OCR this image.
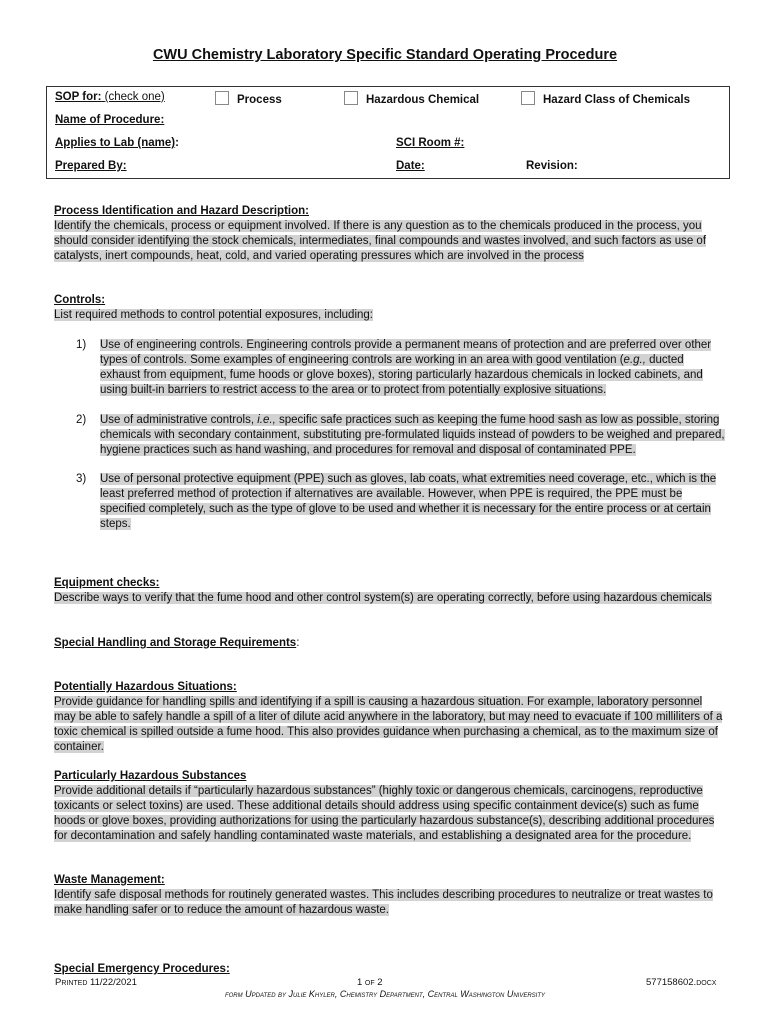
CWU Chemistry Laboratory Specific Standard Operating Procedure
SOP for: (check one)	Process	Hazardous Chemical	Hazard Class of Chemicals
Name of Procedure:
Applies to Lab (name):	SCI Room #:
Prepared By:	Date:	Revision:
Process Identification and Hazard Description:
Identify the chemicals, process or equipment involved. If there is any question as to the chemicals produced in the process, you should consider identifying the stock chemicals, intermediates, final compounds and wastes involved, and such factors as use of catalysts, inert compounds, heat, cold, and varied operating pressures which are involved in the process
Controls:
List required methods to control potential exposures, including:
1) Use of engineering controls. Engineering controls provide a permanent means of protection and are preferred over other types of controls. Some examples of engineering controls are working in an area with good ventilation (e.g., ducted exhaust from equipment, fume hoods or glove boxes), storing particularly hazardous chemicals in locked cabinets, and using built-in barriers to restrict access to the area or to protect from potentially explosive situations.
2) Use of administrative controls, i.e., specific safe practices such as keeping the fume hood sash as low as possible, storing chemicals with secondary containment, substituting pre-formulated liquids instead of powders to be weighed and prepared, hygiene practices such as hand washing, and procedures for removal and disposal of contaminated PPE.
3) Use of personal protective equipment (PPE) such as gloves, lab coats, what extremities need coverage, etc., which is the least preferred method of protection if alternatives are available. However, when PPE is required, the PPE must be specified completely, such as the type of glove to be used and whether it is necessary for the entire process or at certain steps.
Equipment checks:
Describe ways to verify that the fume hood and other control system(s) are operating correctly, before using hazardous chemicals
Special Handling and Storage Requirements:
Potentially Hazardous Situations:
Provide guidance for handling spills and identifying if a spill is causing a hazardous situation. For example, laboratory personnel may be able to safely handle a spill of a liter of dilute acid anywhere in the laboratory, but may need to evacuate if 100 milliliters of a toxic chemical is spilled outside a fume hood. This also provides guidance when purchasing a chemical, as to the maximum size of container.
Particularly Hazardous Substances
Provide additional details if “particularly hazardous substances” (highly toxic or dangerous chemicals, carcinogens, reproductive toxicants or select toxins) are used. These additional details should address using specific containment device(s) such as fume hoods or glove boxes, providing authorizations for using the particularly hazardous substance(s), describing additional procedures for decontamination and safely handling contaminated waste materials, and establishing a designated area for the procedure.
Waste Management:
Identify safe disposal methods for routinely generated wastes. This includes describing procedures to neutralize or treat wastes to make handling safer or to reduce the amount of hazardous waste.
Special Emergency Procedures:
Printed 11/22/2021	1 of 2	577158602.docx
form Updated by Julie Khyler, Chemistry Department, Central Washington University
